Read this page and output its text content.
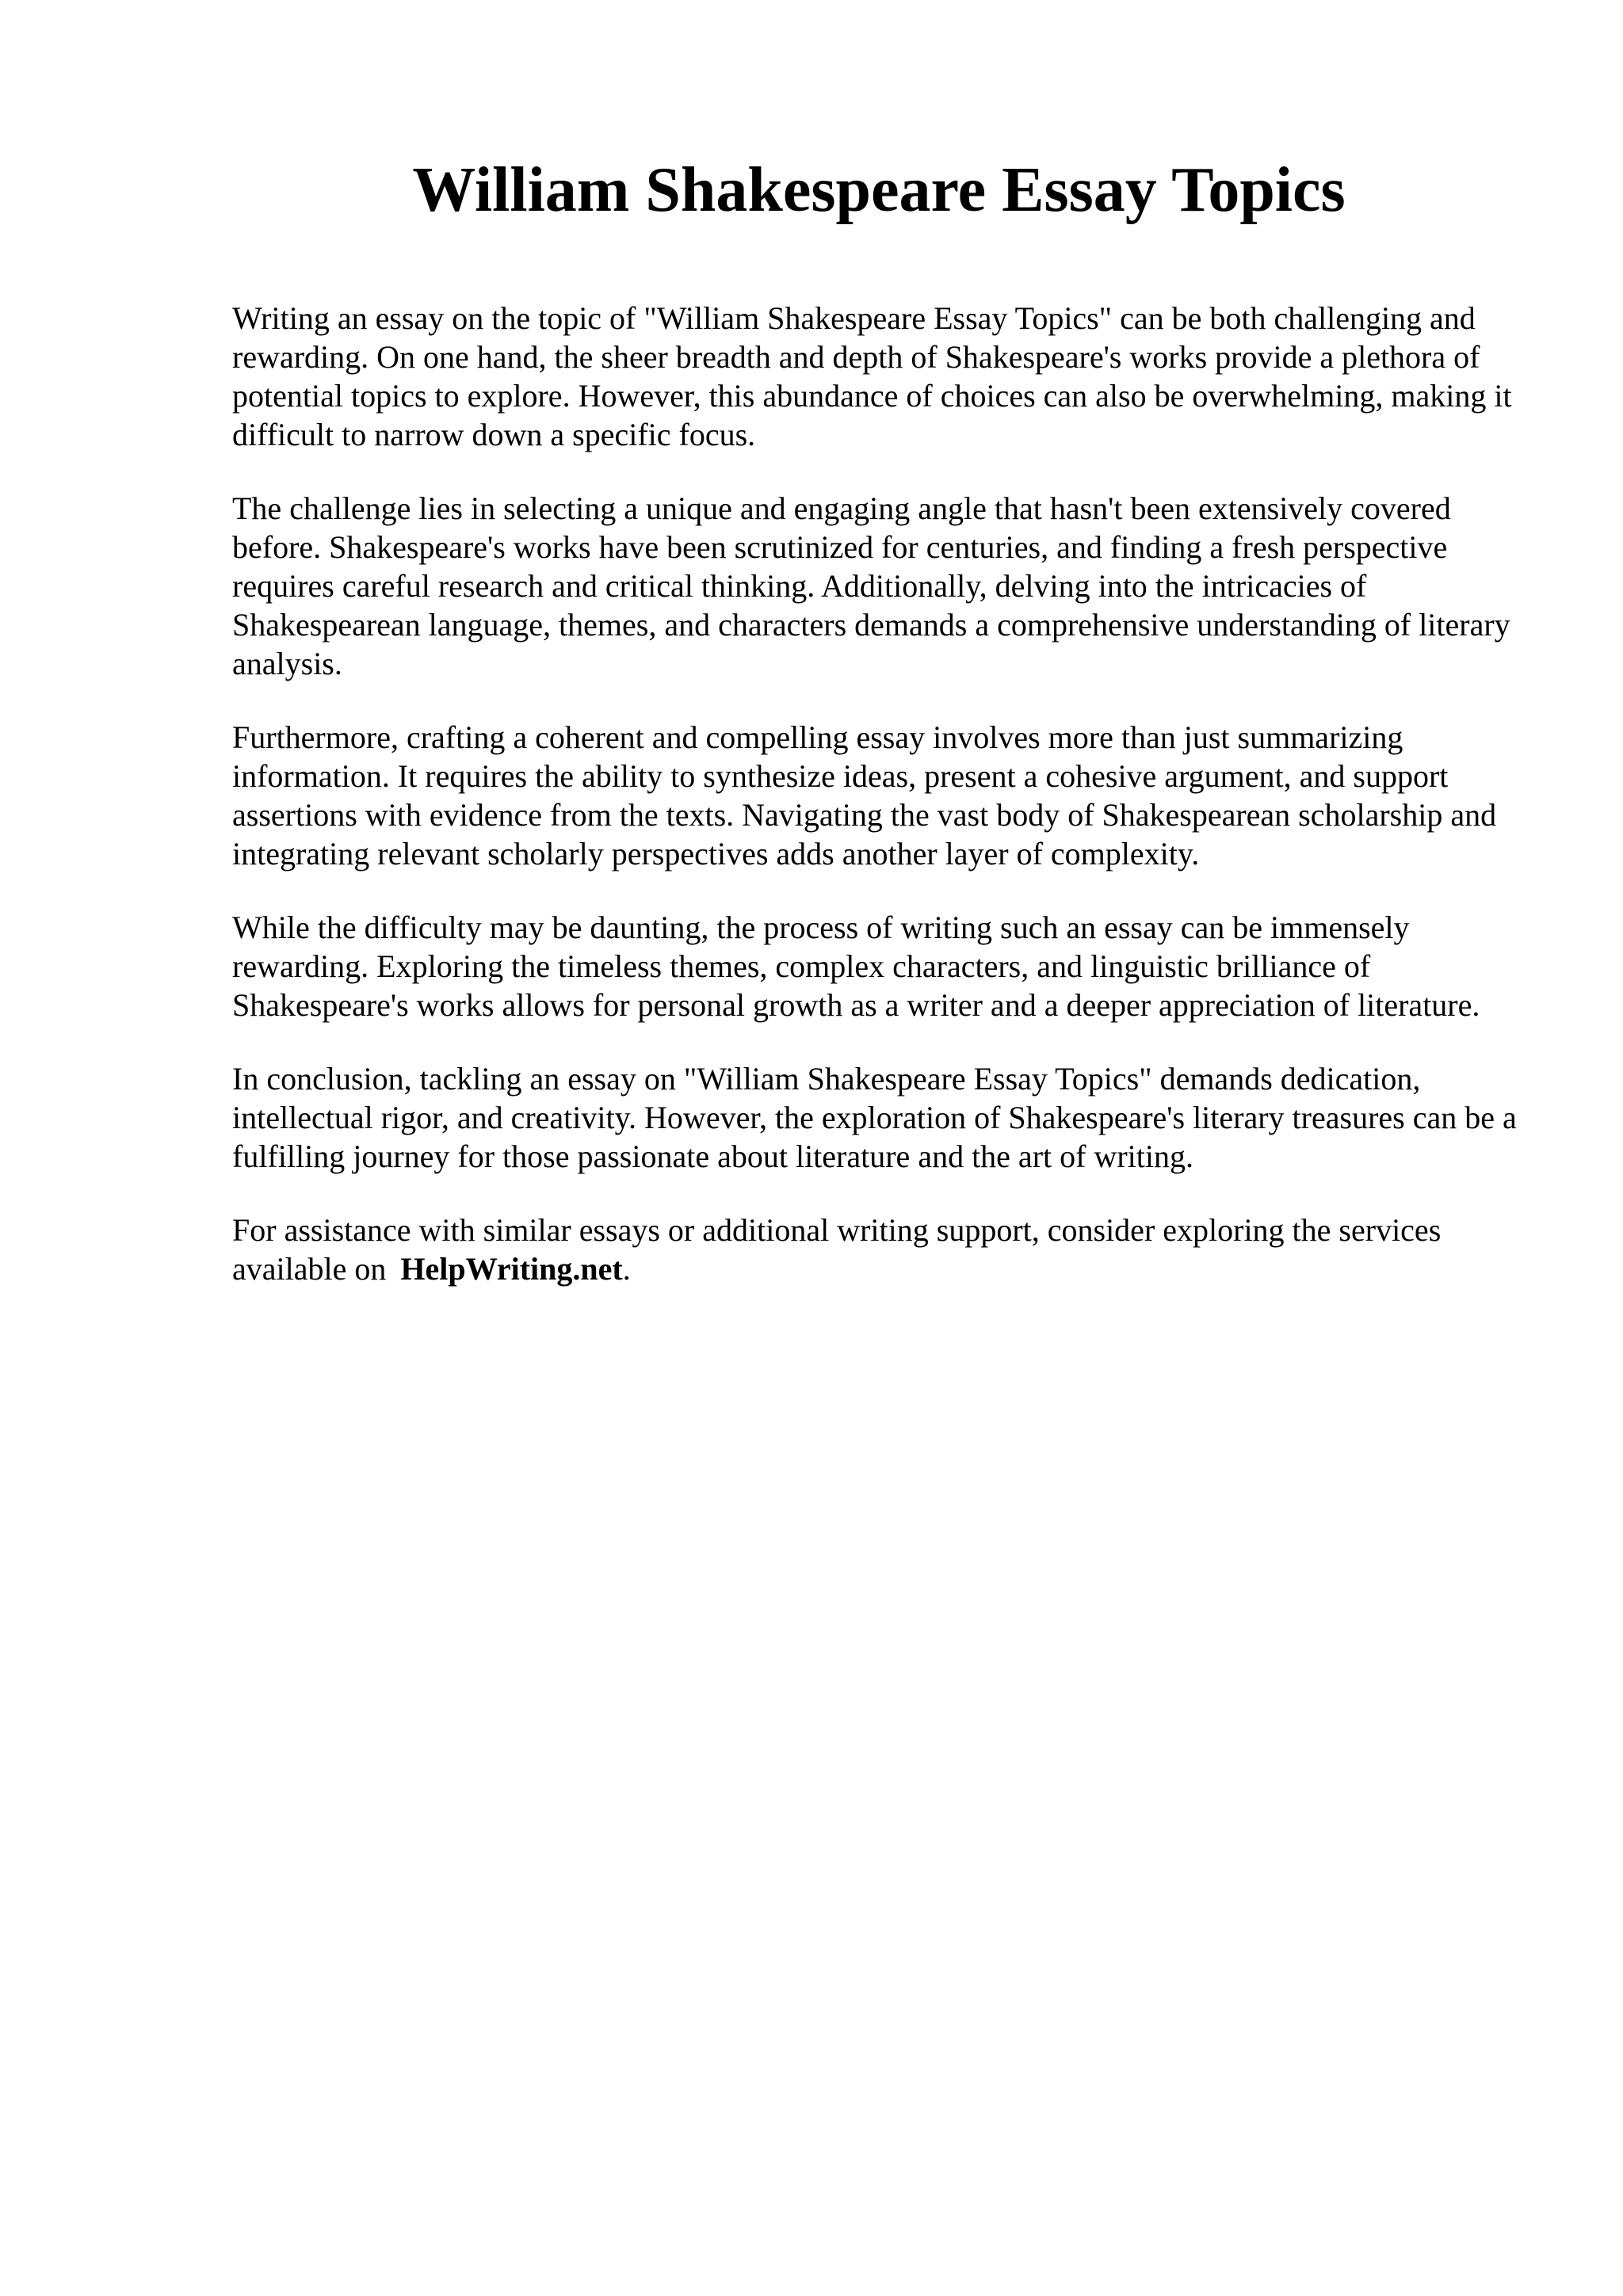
William Shakespeare Essay Topics

Writing an essay on the topic of "William Shakespeare Essay Topics" can be both challenging and rewarding. On one hand, the sheer breadth and depth of Shakespeare's works provide a plethora of potential topics to explore. However, this abundance of choices can also be overwhelming, making it difficult to narrow down a specific focus.

The challenge lies in selecting a unique and engaging angle that hasn't been extensively covered before. Shakespeare's works have been scrutinized for centuries, and finding a fresh perspective requires careful research and critical thinking. Additionally, delving into the intricacies of Shakespearean language, themes, and characters demands a comprehensive understanding of literary analysis.

Furthermore, crafting a coherent and compelling essay involves more than just summarizing information. It requires the ability to synthesize ideas, present a cohesive argument, and support assertions with evidence from the texts. Navigating the vast body of Shakespearean scholarship and integrating relevant scholarly perspectives adds another layer of complexity.

While the difficulty may be daunting, the process of writing such an essay can be immensely rewarding. Exploring the timeless themes, complex characters, and linguistic brilliance of Shakespeare's works allows for personal growth as a writer and a deeper appreciation of literature.

In conclusion, tackling an essay on "William Shakespeare Essay Topics" demands dedication, intellectual rigor, and creativity. However, the exploration of Shakespeare's literary treasures can be a fulfilling journey for those passionate about literature and the art of writing.

For assistance with similar essays or additional writing support, consider exploring the services available on HelpWriting.net.
